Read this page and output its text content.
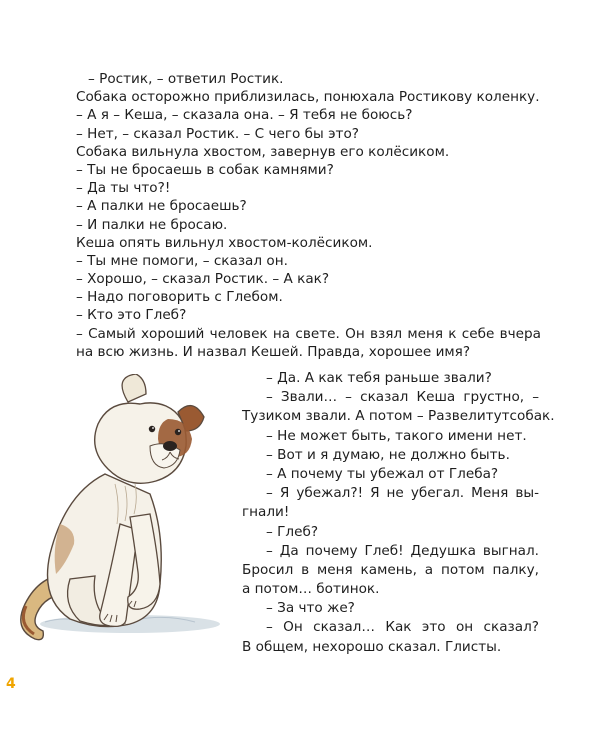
– Ростик, – ответил Ростик.
Собака осторожно приблизилась, понюхала Ростикову коленку.
– А я – Кеша, – сказала она. – Я тебя не боюсь?
– Нет, – сказал Ростик. – С чего бы это?
Собака вильнула хвостом, завернув его колёсиком.
– Ты не бросаешь в собак камнями?
– Да ты что?!
– А палки не бросаешь?
– И палки не бросаю.
Кеша опять вильнул хвостом-колёсиком.
– Ты мне помоги, – сказал он.
– Хорошо, – сказал Ростик. – А как?
– Надо поговорить с Глебом.
– Кто это Глеб?
– Самый хороший человек на свете. Он взял меня к себе вчера
на всю жизнь. И назвал Кешей. Правда, хорошее имя?
– Да. А как тебя раньше звали?
– Звали… – сказал Кеша грустно, –
Тузиком звали. А потом – Развелитутсобак.
– Не может быть, такого имени нет.
– Вот и я думаю, не должно быть.
– А почему ты убежал от Глеба?
– Я убежал?! Я не убегал. Меня вы-
гнали!
– Глеб?
– Да почему Глеб! Дедушка выгнал.
Бросил в меня камень, а потом палку,
а потом… ботинок.
– За что же?
– Он сказал… Как это он сказал?
В общем, нехорошо сказал. Глисты.
4
